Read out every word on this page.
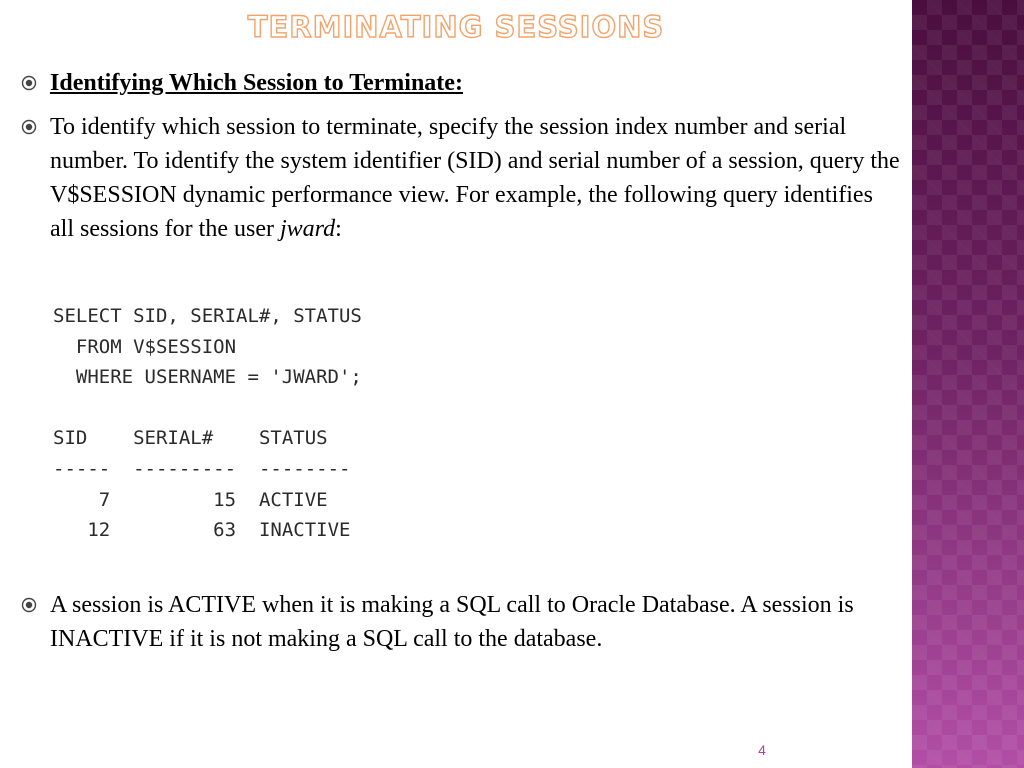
TERMINATING SESSIONS
Identifying Which Session to Terminate:
To identify which session to terminate, specify the session index number and serial number. To identify the system identifier (SID) and serial number of a session, query the V$SESSION dynamic performance view. For example, the following query identifies all sessions for the user jward:
SELECT SID, SERIAL#, STATUS
FROM V$SESSION
WHERE USERNAME = 'JWARD';

SID SERIAL# STATUS
----- --------- --------
7	15 ACTIVE
12	63 INACTIVE
A session is ACTIVE when it is making a SQL call to Oracle Database. A session is INACTIVE if it is not making a SQL call to the database.
4
